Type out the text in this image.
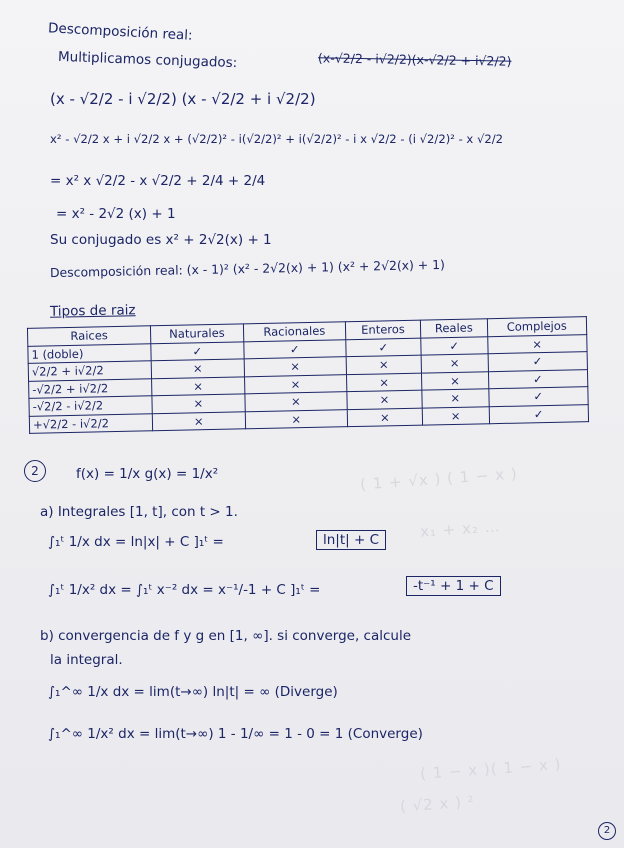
( 1 + √x ) ( 1 − x )
x₁ + x₂ …
( 1 − x )( 1 − x )
( √2 x ) ²
Descomposición real:
Multiplicamos conjugados:	(x-√2/2 - i√2/2)(x-√2/2 + i√2/2)
(x - √2/2 - i √2/2) (x - √2/2 + i √2/2)
x² - √2/2 x + i √2/2 x + (√2/2)² - i(√2/2)² + i(√2/2)² - i x √2/2 - (i √2/2)² - x √2/2
= x² x √2/2 - x √2/2 + 2/4 + 2/4
= x² - 2√2 (x) + 1
Su conjugado es x² + 2√2(x) + 1
Descomposición real: (x - 1)² (x² - 2√2(x) + 1) (x² + 2√2(x) + 1)
Tipos de raiz
Raices	Naturales	Racionales	Enteros	Reales	Complejos
1 (doble)	✓	✓	✓	✓	×
√2/2 + i√2/2	×	×	×	×	✓
-√2/2 + i√2/2	×	×	×	×	✓
-√2/2 - i√2/2	×	×	×	×	✓
+√2/2 - i√2/2	×	×	×	×	✓
2	f(x) = 1/x g(x) = 1/x²
a) Integrales [1, t], con t > 1.
∫₁ᵗ 1/x dx = ln|x| + C ]₁ᵗ =	ln|t| + C
∫₁ᵗ 1/x² dx = ∫₁ᵗ x⁻² dx = x⁻¹/-1 + C ]₁ᵗ =	-t⁻¹ + 1 + C
b) convergencia de f y g en [1, ∞]. si converge, calcule
la integral.
∫₁^∞ 1/x dx = lim(t→∞) ln|t| = ∞ (Diverge)
∫₁^∞ 1/x² dx = lim(t→∞) 1 - 1/∞ = 1 - 0 = 1 (Converge)
2
